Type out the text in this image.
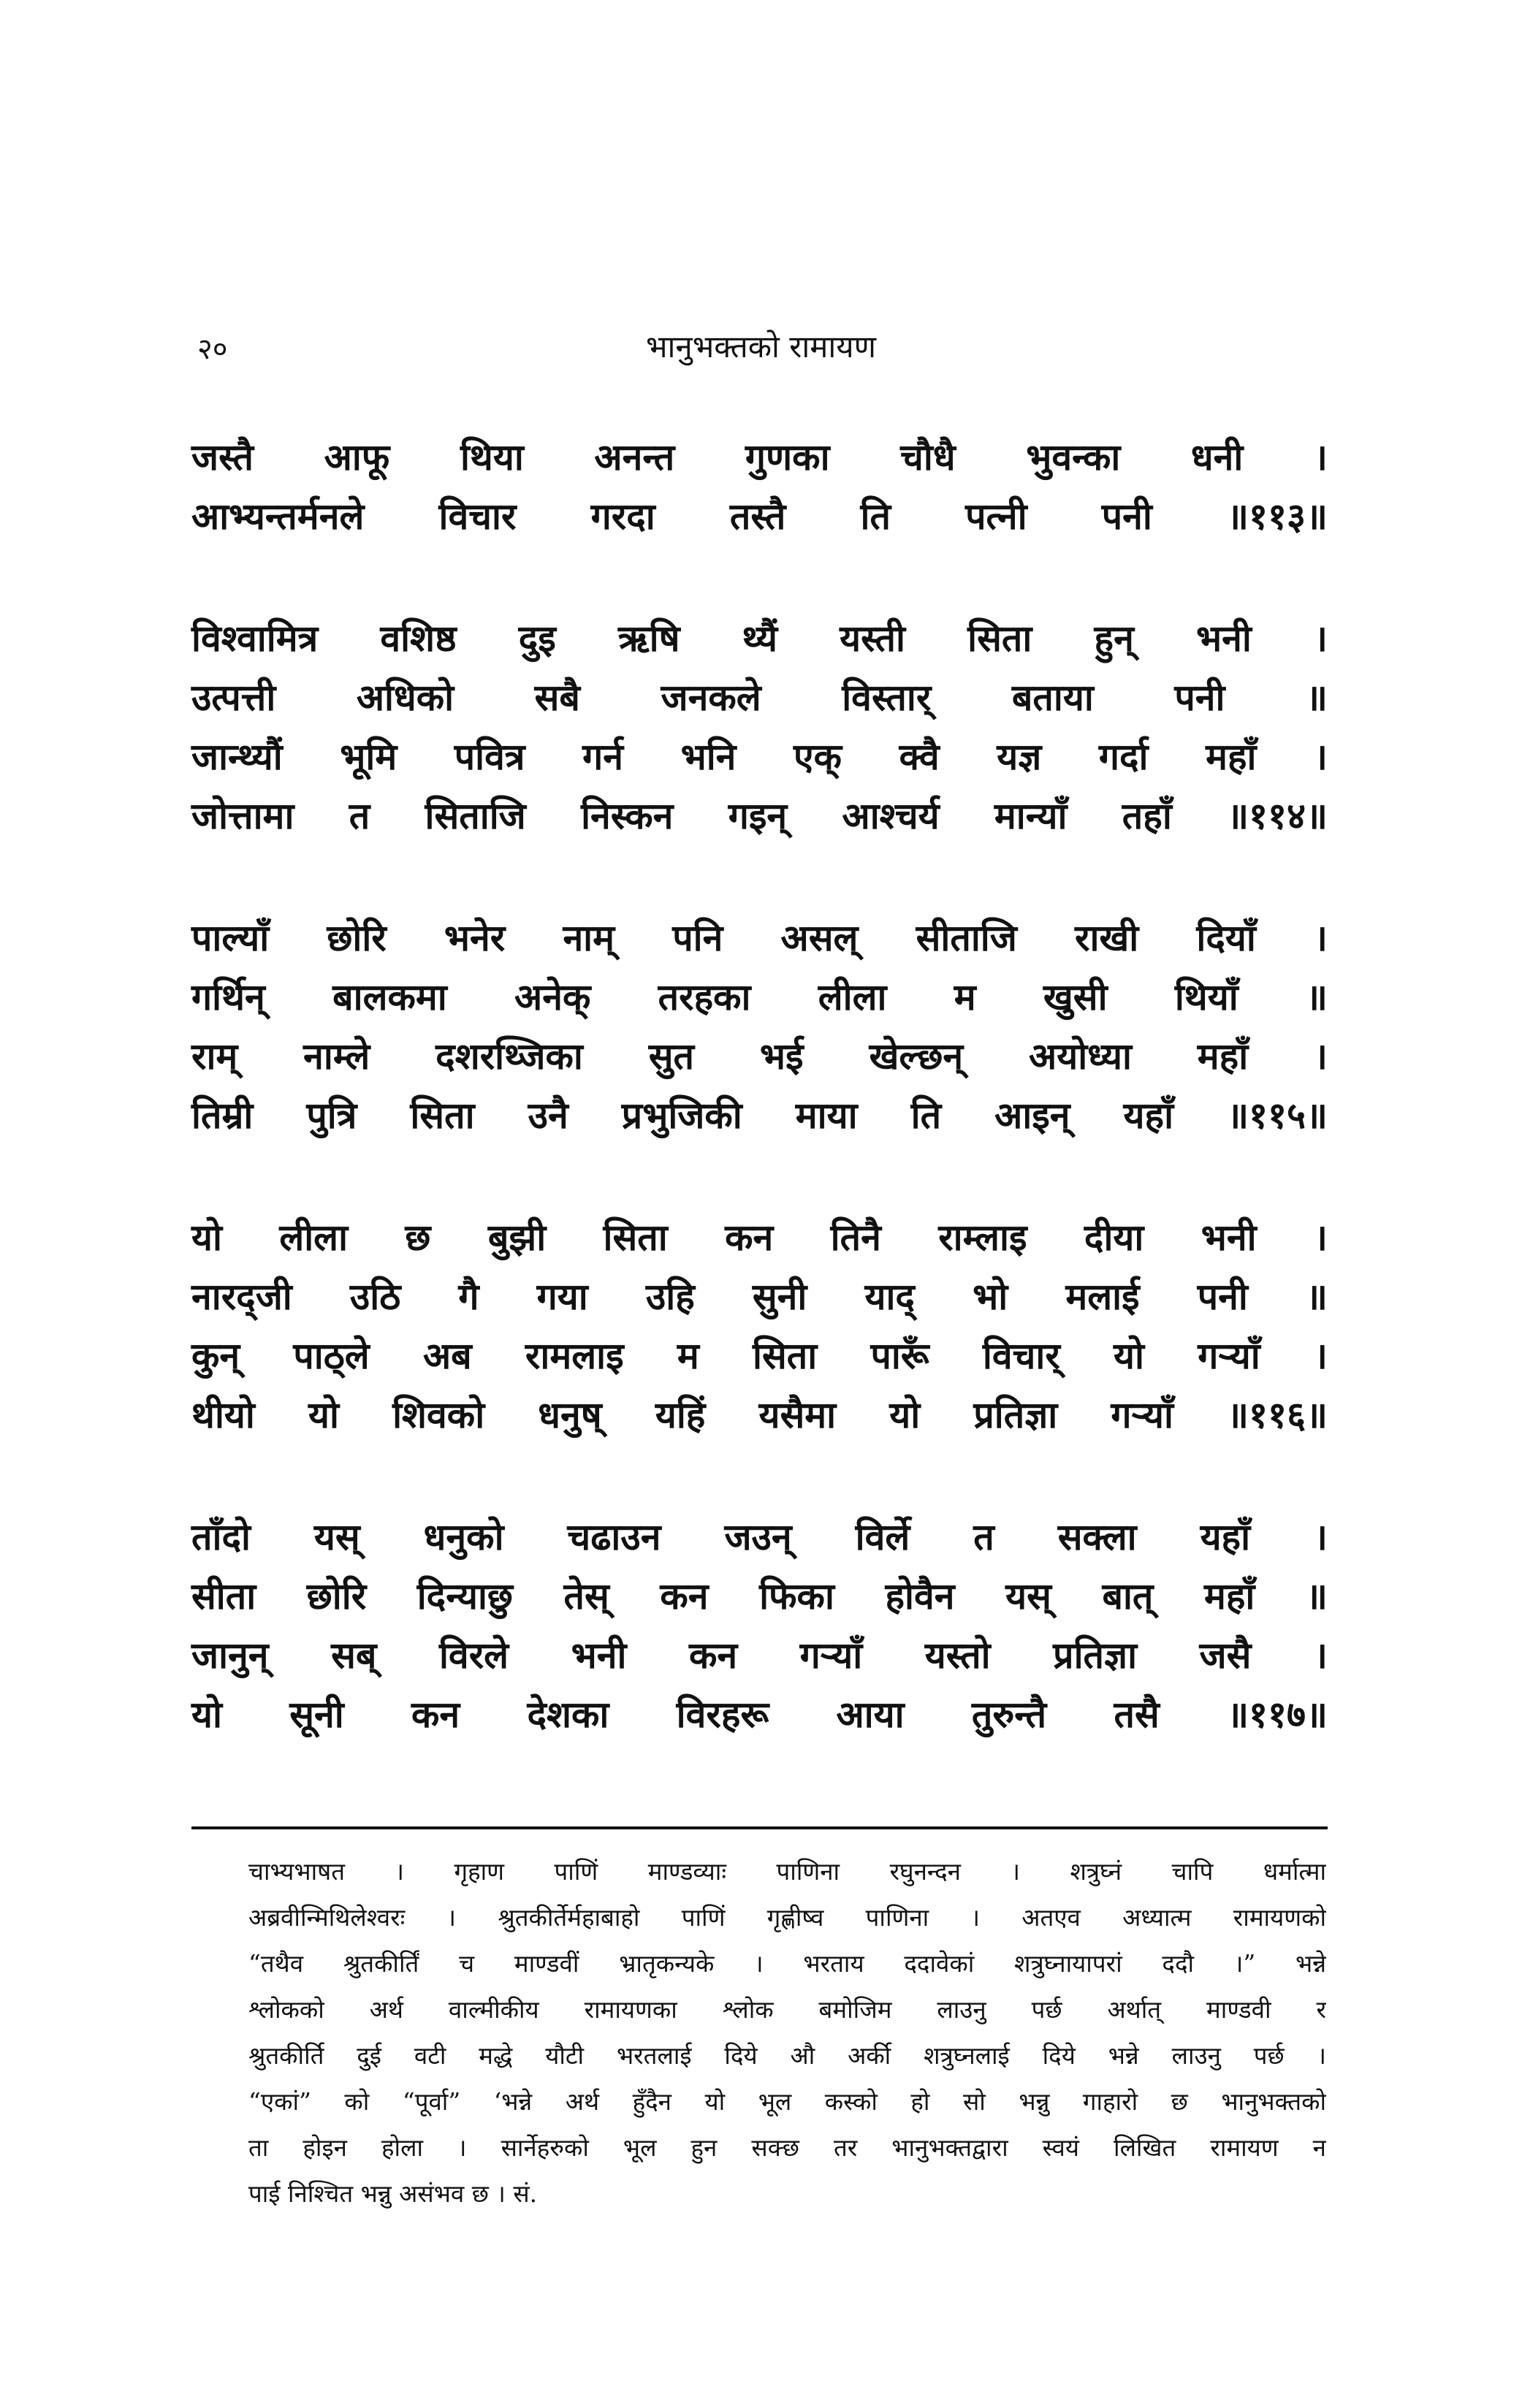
२०	भानुभक्तको रामायण
जस्तै आफू थिया अनन्त गुणका चौधै भुवन्का धनी ।
आभ्यन्तर्मनले विचार गरदा तस्तै ति पत्नी पनी ॥११३॥
विश्वामित्र वशिष्ठ दुइ ऋषि थ्यैं यस्ती सिता हुन् भनी ।
उत्पत्ती अधिको सबै जनकले विस्तार् बताया पनी ॥
जान्थ्यौं भूमि पवित्र गर्न भनि एक् क्वै यज्ञ गर्दा महाँ ।
जोत्तामा त सिताजि निस्कन गइन् आश्चर्य मान्याँ तहाँ ॥११४॥
पाल्याँ छोरि भनेर नाम् पनि असल् सीताजि राखी दियाँ ।
गर्थिन् बालकमा अनेक् तरहका लीला म खुसी थियाँ ॥
राम् नाम्ले दशरथ्जिका सुत भई खेल्छन् अयोध्या महाँ ।
तिम्री पुत्रि सिता उनै प्रभुजिकी माया ति आइन् यहाँ ॥११५॥
यो लीला छ बुझी सिता कन तिनै राम्लाइ दीया भनी ।
नारद्जी उठि गै गया उहि सुनी याद् भो मलाई पनी ॥
कुन् पाठ्ले अब रामलाइ म सिता पारूँ विचार् यो गर्‍याँ ।
थीयो यो शिवको धनुष् यहिं यसैमा यो प्रतिज्ञा गर्‍याँ ॥११६॥
ताँदो यस् धनुको चढाउन जउन् विर्ले त सक्ला यहाँ ।
सीता छोरि दिन्याछु तेस् कन फिका होवैन यस् बात् महाँ ॥
जानुन् सब् विरले भनी कन गर्‍याँ यस्तो प्रतिज्ञा जसै ।
यो सूनी कन देशका विरहरू आया तुरुन्तै तसै ॥११७॥
चाभ्यभाषत । गृहाण पाणिं माण्डव्याः पाणिना रघुनन्दन । शत्रुघ्नं चापि धर्मात्मा
अब्रवीन्मिथिलेश्वरः । श्रुतकीर्तेर्महाबाहो पाणिं गृह्णीष्व पाणिना । अतएव अध्यात्म रामायणको
“तथैव श्रुतकीर्तिं च माण्डवीं भ्रातृकन्यके । भरताय ददावेकां शत्रुघ्नायापरां ददौ ।” भन्ने
श्लोकको अर्थ वाल्मीकीय रामायणका श्लोक बमोजिम लाउनु पर्छ अर्थात् माण्डवी र
श्रुतकीर्ति दुई वटी मद्धे यौटी भरतलाई दिये औ अर्की शत्रुघ्नलाई दिये भन्ने लाउनु पर्छ ।
“एकां” को “पूर्वा” ‘भन्ने अर्थ हुँदैन यो भूल कस्को हो सो भन्नु गाहारो छ भानुभक्तको
ता होइन होला । सार्नेहरुको भूल हुन सक्छ तर भानुभक्तद्वारा स्वयं लिखित रामायण न
पाई निश्चित भन्नु असंभव छ । सं.
